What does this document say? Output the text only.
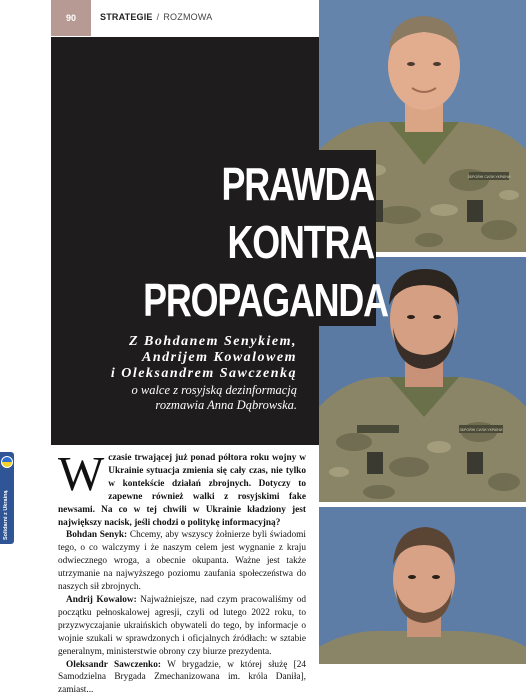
90	STRATEGIE / ROZMOWA
ЗБРОЙНІ СИЛИ УКРАЇНИ
ЗБРОЙНІ СИЛИ УКРАЇНИ
PRAWDA
KONTRA
PROPAGANDA
Z Bohdanem Senykiem,
Andrijem Kowalowem
i Oleksandrem Sawczenką
o walce z rosyjską dezinformacją
rozmawia Anna Dąbrowska.
ANNA DĄBROWSKA (3)
Solidarni z Ukrainą
W czasie trwającej już ponad półtora roku wojny w Ukrainie sytuacja zmienia się cały czas, nie tylko w kontekście działań zbrojnych. Dotyczy to zapewne również walki z rosyjskimi fake newsami. Na co w tej chwili w Ukrainie kładziony jest największy nacisk, jeśli chodzi o politykę informacyjną?

Bohdan Senyk: Chcemy, aby wszyscy żołnierze byli świadomi tego, o co walczymy i że naszym celem jest wygnanie z kraju odwiecznego wroga, a obecnie okupanta. Ważne jest także utrzymanie na najwyższego poziomu zaufania społeczeństwa do naszych sił zbrojnych.

Andrij Kowalow: Najważniejsze, nad czym pracowaliśmy od początku pełnoskalowej agresji, czyli od lutego 2022 roku, to przyzwyczajanie ukraińskich obywateli do tego, by informacje o wojnie szukali w sprawdzonych i oficjalnych źródłach: w sztabie generalnym, ministerstwie obrony czy biurze prezydenta.

Oleksandr Sawczenko: W brygadzie, w której służę [24 Samodzielna Brygada Zmechanizowana im. króla Daniła], zamiast...
